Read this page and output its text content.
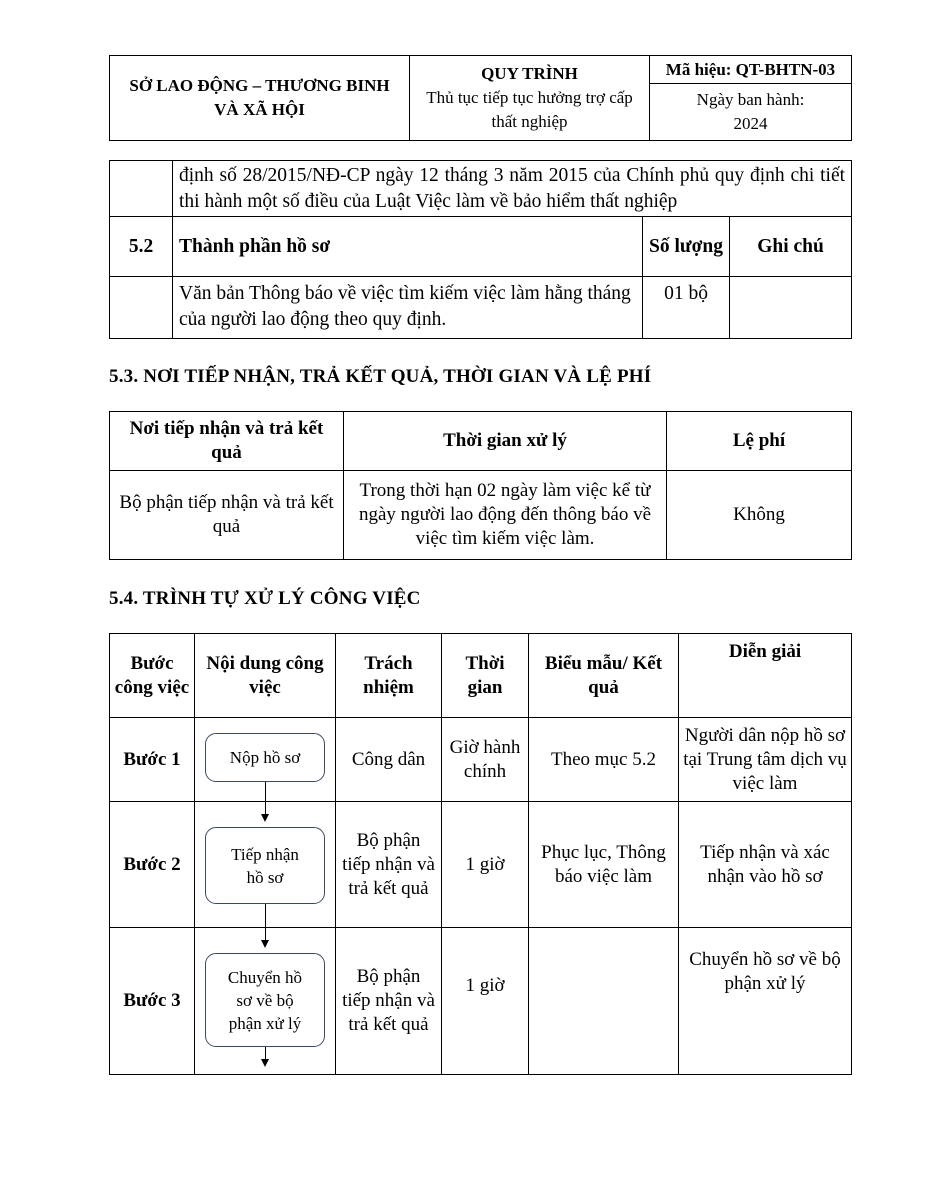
SỞ LAO ĐỘNG – THƯƠNG BINH
VÀ XÃ HỘI

QUY TRÌNH
Thủ tục tiếp tục hưởng trợ cấp thất nghiệp
	Mã hiệu: QT-BHTN-03

Ngày ban hành:
2024
	định số 28/2015/NĐ-CP ngày 12 tháng 3 năm 2015 của Chính phủ quy định chi tiết thi hành một số điều của Luật Việc làm về bảo hiểm thất nghiệp		
5.2	Thành phần hồ sơ	Số lượng	Ghi chú
	Văn bản Thông báo về việc tìm kiếm việc làm hằng tháng của người lao động theo quy định.	01 bộ	
5.3. NƠI TIẾP NHẬN, TRẢ KẾT QUẢ, THỜI GIAN VÀ LỆ PHÍ
Nơi tiếp nhận và trả kết quả	Thời gian xử lý	Lệ phí
Bộ phận tiếp nhận và trả kết quả	Trong thời hạn 02 ngày làm việc kể từ ngày người lao động đến thông báo về việc tìm kiếm việc làm.	Không
5.4. TRÌNH TỰ XỬ LÝ CÔNG VIỆC
Bước công việc	Nội dung công việc	Trách nhiệm	Thời gian	Biểu mẫu/ Kết quả	Diễn giải
Bước 1	Nộp hồ sơ	Công dân	Giờ hành chính	Theo mục 5.2	Người dân nộp hồ sơ tại Trung tâm dịch vụ việc làm
Bước 2	Tiếp nhận hồ sơ	Bộ phận tiếp nhận và trả kết quả	1 giờ	Phục lục, Thông báo việc làm	Tiếp nhận và xác nhận vào hồ sơ
Bước 3	Chuyển hồ sơ về bộ phận xử lý	Bộ phận tiếp nhận và trả kết quả	1 giờ		Chuyển hồ sơ về bộ phận xử lý
